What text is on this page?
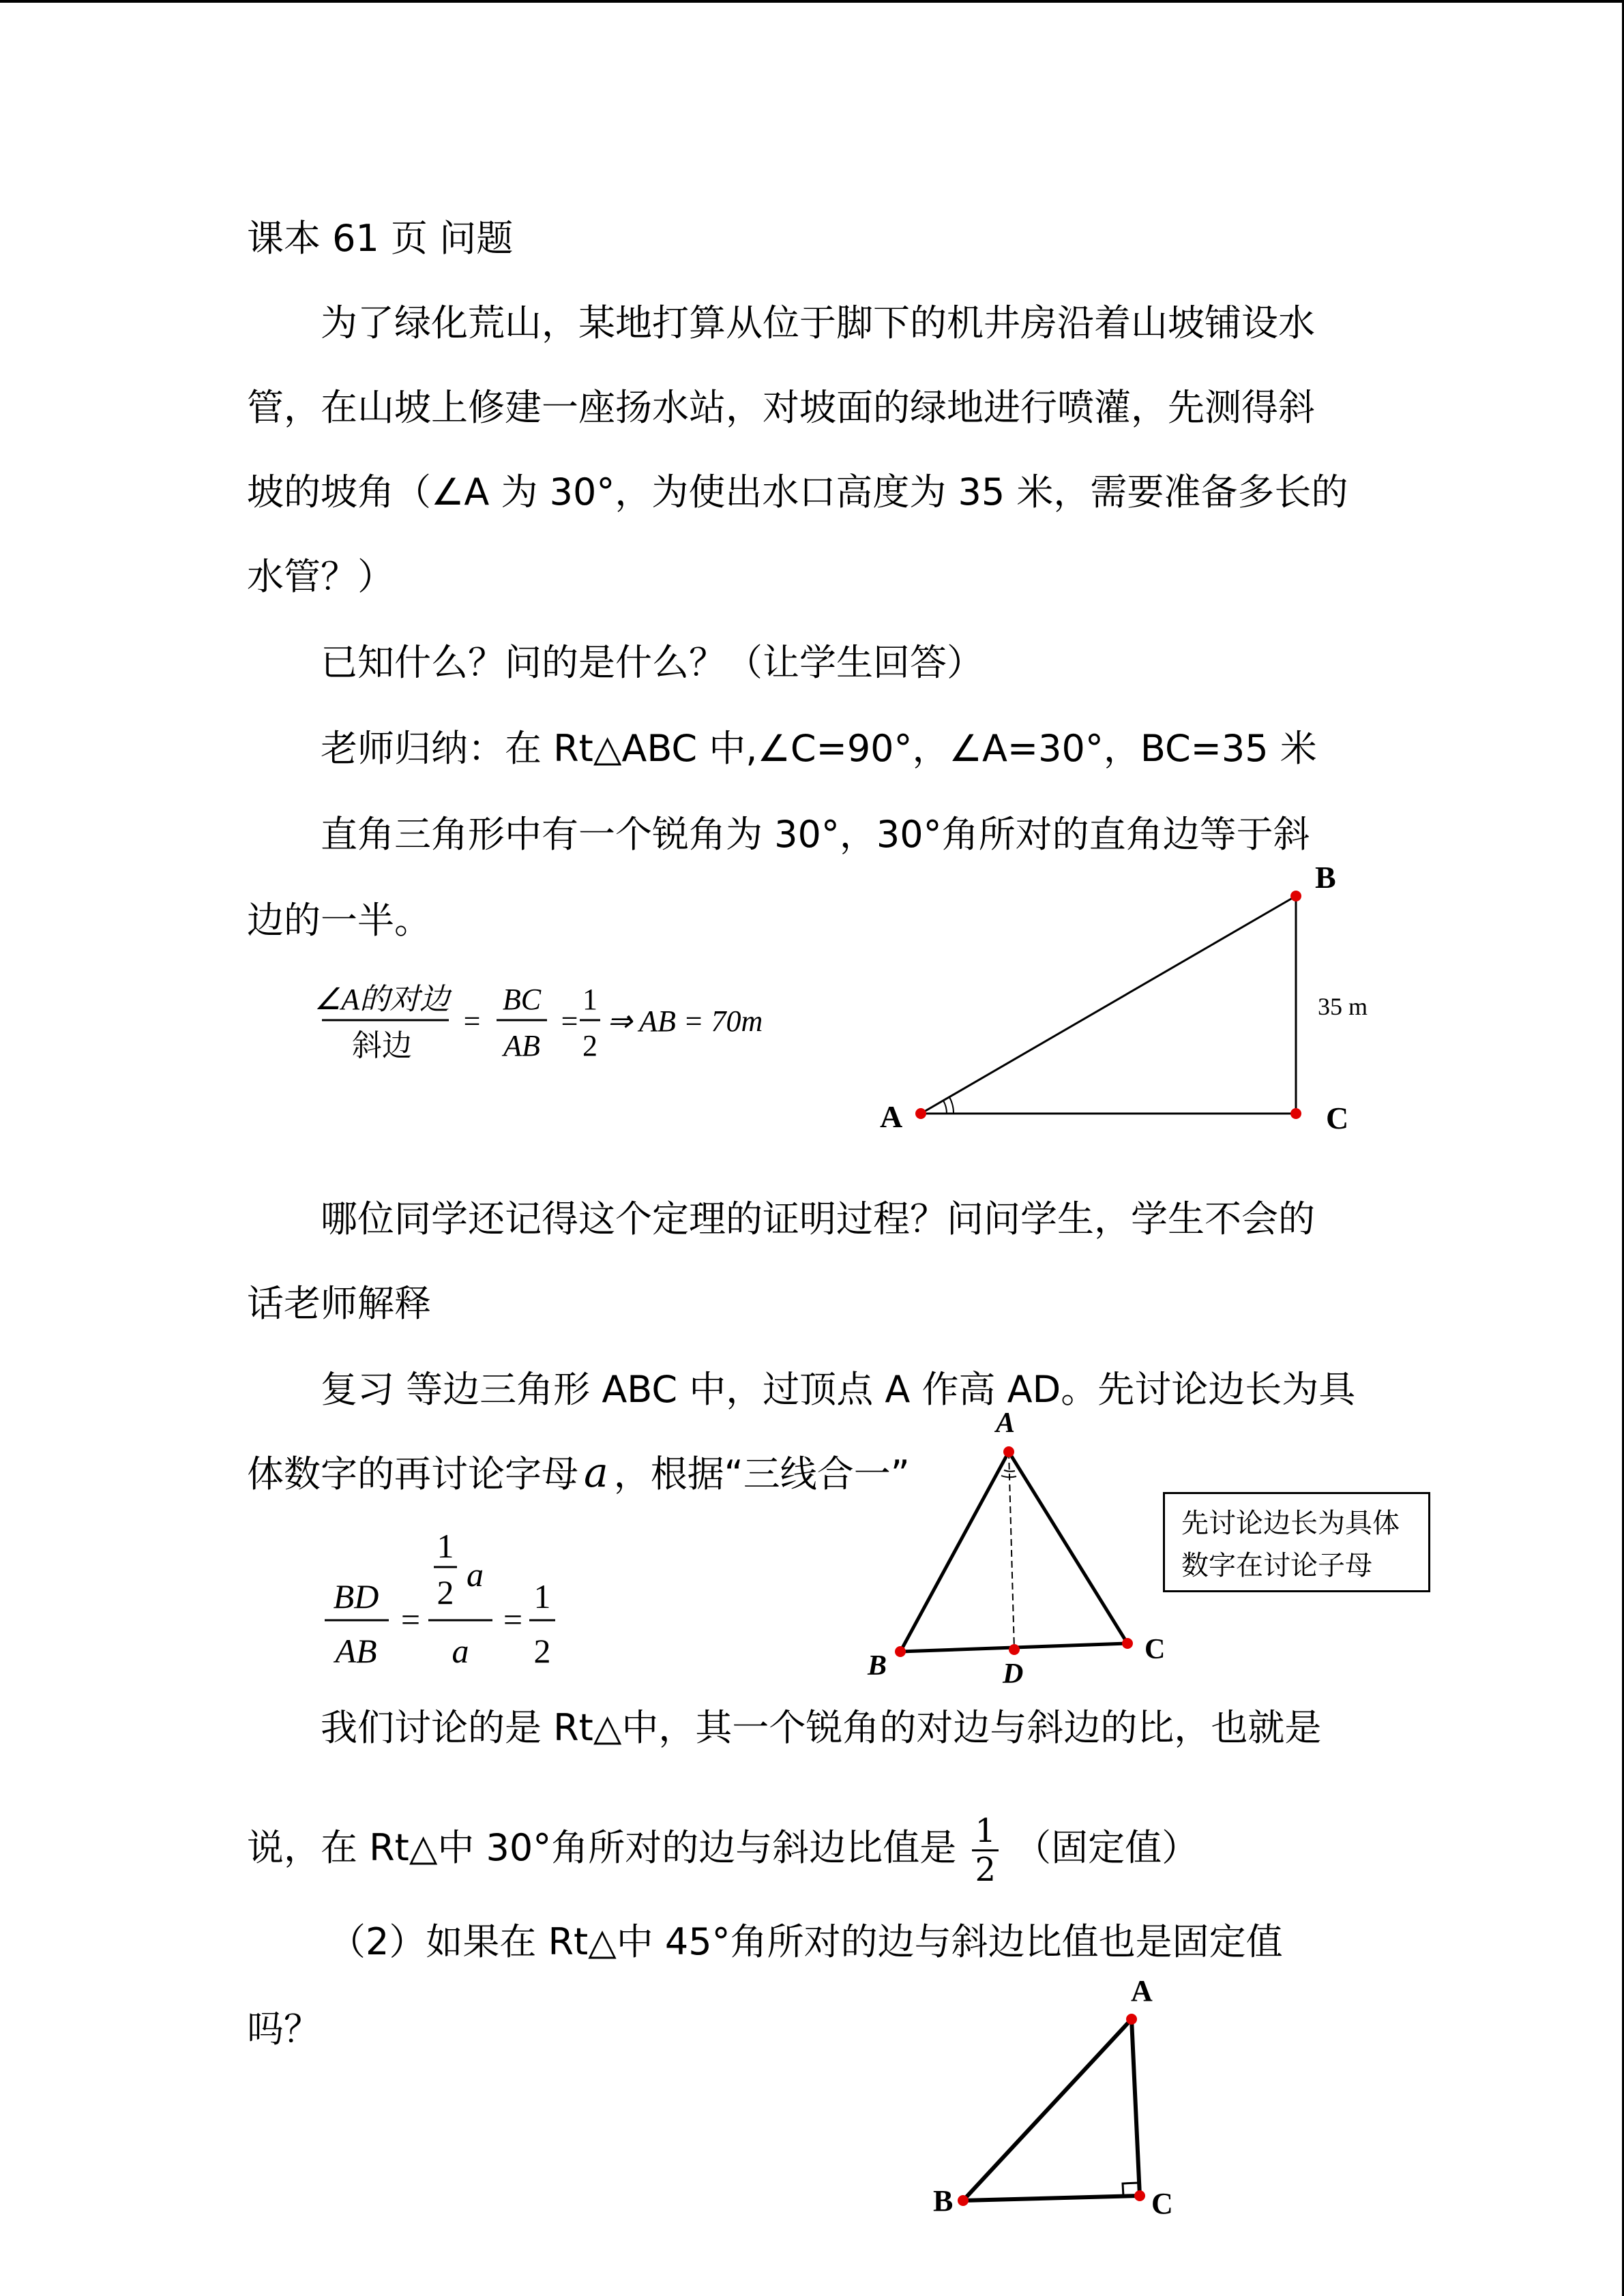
课本 61 页 问题
为了绿化荒山，某地打算从位于脚下的机井房沿着山坡铺设水
管，在山坡上修建一座扬水站，对坡面的绿地进行喷灌，先测得斜
坡的坡角（∠A 为 30°，为使出水口高度为 35 米，需要准备多长的
水管？）
已知什么？问的是什么？（让学生回答）
老师归纳：在 Rt△ABC 中,∠C=90°，∠A=30°，BC=35 米
直角三角形中有一个锐角为 30°，30°角所对的直角边等于斜
边的一半。
∠A的对边
斜边
=
BC
AB
=
1
2
⇒ AB = 70m
A
B
C
35 m
哪位同学还记得这个定理的证明过程？问问学生，学生不会的
话老师解释
复习 等边三角形 ABC 中，过顶点 A 作高 AD。先讨论边长为具
体数字的再讨论字母 a ，根据“三线合一”
BD
AB
=
1
2 a
a
=
1
2
A
B
C
D
先讨论边长为具体
数字在讨论子母
我们讨论的是 Rt△中，其一个锐角的对边与斜边的比，也就是
说，在 Rt△中 30°角所对的边与斜边比值是 $\frac{1}{2}$ （固定值）
（2）如果在 Rt△中 45°角所对的边与斜边比值也是固定值
吗？
A
B	C
